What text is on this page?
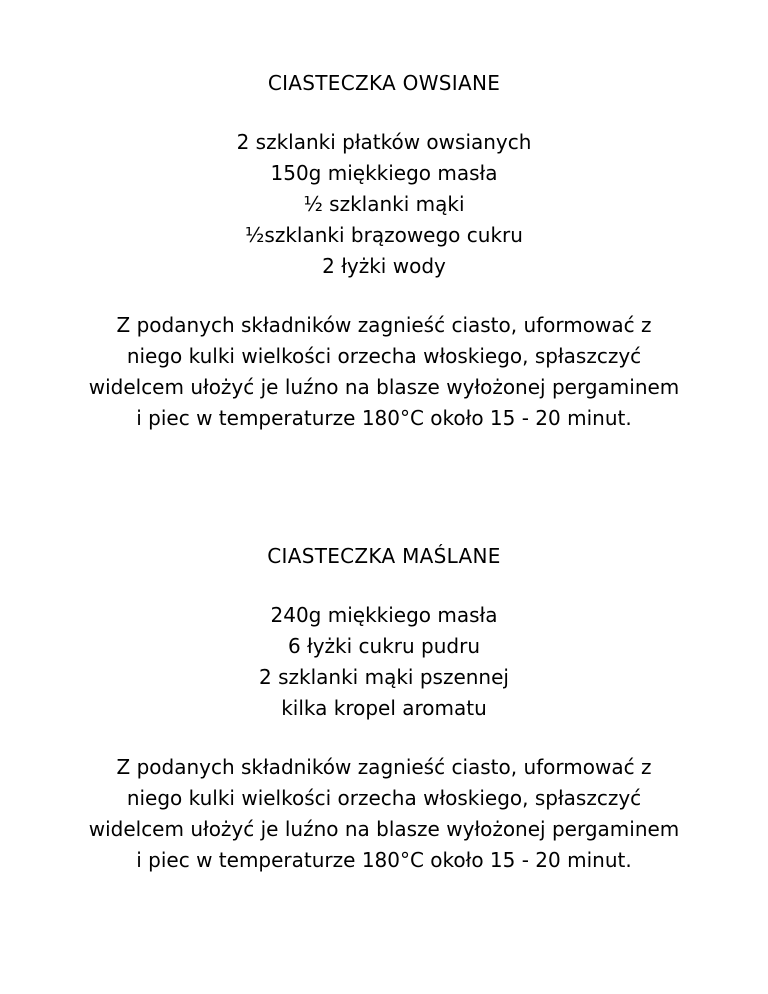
CIASTECZKA OWSIANE
2 szklanki płatków owsianych
150g miękkiego masła
½ szklanki mąki
½szklanki brązowego cukru
2 łyżki wody

Z podanych składników zagnieść ciasto, uformować z
niego kulki wielkości orzecha włoskiego, spłaszczyć
widelcem ułożyć je luźno na blasze wyłożonej pergaminem
i piec w temperaturze 180°C około 15 - 20 minut.

CIASTECZKA MAŚLANE
240g miękkiego masła
6 łyżki cukru pudru
2 szklanki mąki pszennej
kilka kropel aromatu

Z podanych składników zagnieść ciasto, uformować z
niego kulki wielkości orzecha włoskiego, spłaszczyć
widelcem ułożyć je luźno na blasze wyłożonej pergaminem
i piec w temperaturze 180°C około 15 - 20 minut.
